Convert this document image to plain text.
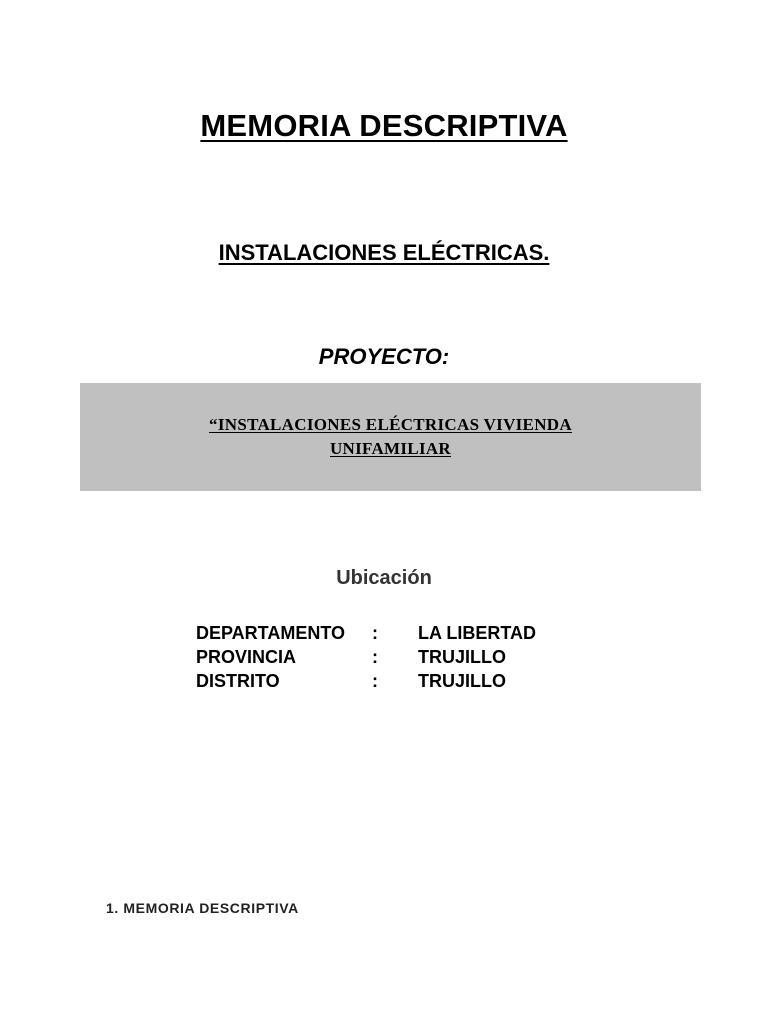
MEMORIA DESCRIPTIVA
INSTALACIONES ELÉCTRICAS.
PROYECTO:
“INSTALACIONES ELÉCTRICAS VIVIENDA
UNIFAMILIAR
Ubicación
DEPARTAMENTO : LA LIBERTAD
PROVINCIA	: TRUJILLO
DISTRITO	: TRUJILLO
1. MEMORIA DESCRIPTIVA
